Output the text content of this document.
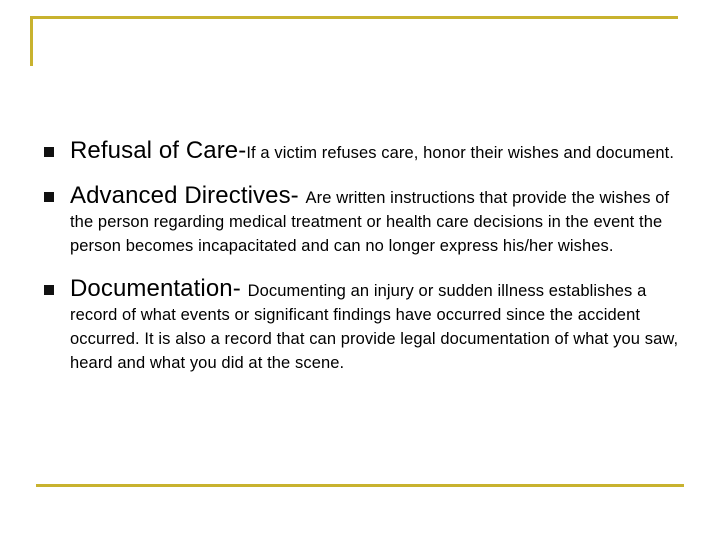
Refusal of Care-If a victim refuses care, honor their wishes and document.
Advanced Directives- Are written instructions that provide the wishes of the person regarding medical treatment or health care decisions in the event the person becomes incapacitated and can no longer express his/her wishes.
Documentation- Documenting an injury or sudden illness establishes a record of what events or significant findings have occurred since the accident occurred. It is also a record that can provide legal documentation of what you saw, heard and what you did at the scene.
